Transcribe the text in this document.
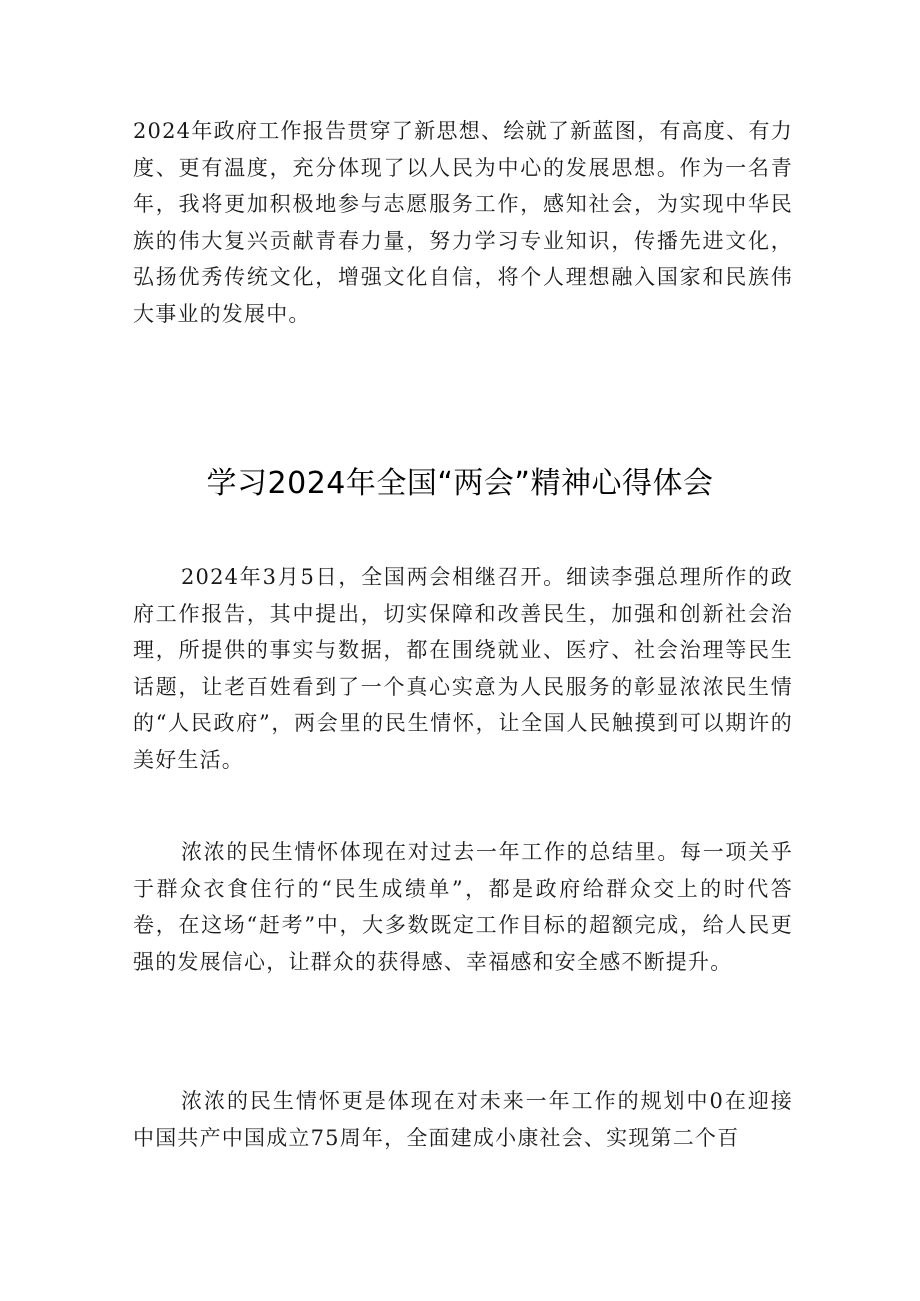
2024年政府工作报告贯穿了新思想、绘就了新蓝图，有高度、有力度、更有温度，充分体现了以人民为中心的发展思想。作为一名青年，我将更加积极地参与志愿服务工作，感知社会，为实现中华民族的伟大复兴贡献青春力量，努力学习专业知识，传播先进文化，弘扬优秀传统文化，增强文化自信，将个人理想融入国家和民族伟大事业的发展中。

学习2024年全国“两会”精神心得体会

2024年3月5日，全国两会相继召开。细读李强总理所作的政府工作报告，其中提出，切实保障和改善民生，加强和创新社会治理，所提供的事实与数据，都在围绕就业、医疗、社会治理等民生话题，让老百姓看到了一个真心实意为人民服务的彰显浓浓民生情的“人民政府”，两会里的民生情怀，让全国人民触摸到可以期许的美好生活。

浓浓的民生情怀体现在对过去一年工作的总结里。每一项关乎于群众衣食住行的“民生成绩单”，都是政府给群众交上的时代答卷，在这场“赶考”中，大多数既定工作目标的超额完成，给人民更强的发展信心，让群众的获得感、幸福感和安全感不断提升。

浓浓的民生情怀更是体现在对未来一年工作的规划中0在迎接中国共产中国成立75周年，全面建成小康社会、实现第二个百
